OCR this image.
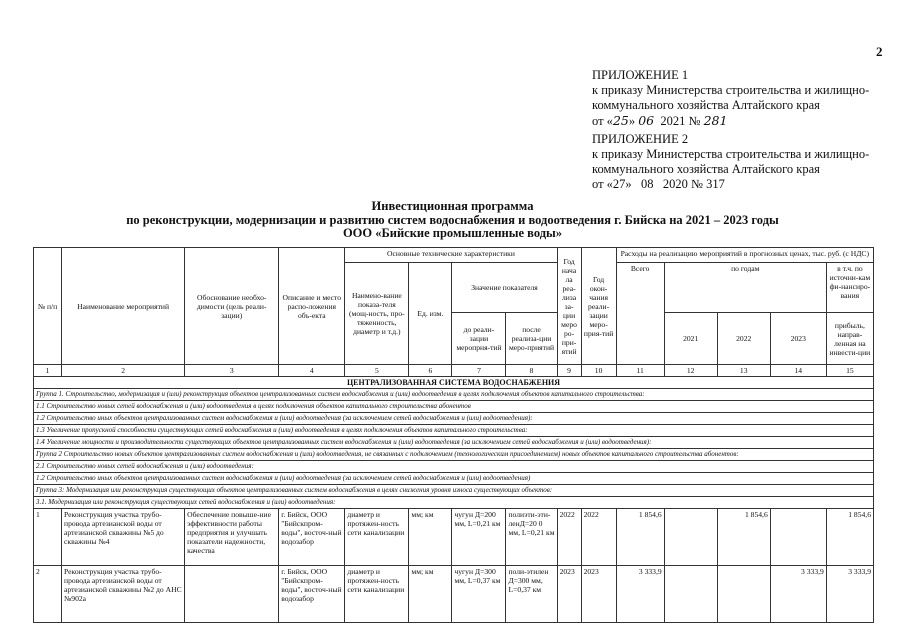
2
ПРИЛОЖЕНИЕ 1
к приказу Министерства строительства и жилищно-
коммунального хозяйства Алтайского края
от «25» 06  2021 № 281
ПРИЛОЖЕНИЕ 2
к приказу Министерства строительства и жилищно-
коммунального хозяйства Алтайского края
от «27»   08   2020 № 317
Инвестиционная программа
по реконструкции, модернизации и развитию систем водоснабжения и водоотведения г. Бийска на 2021 – 2023 годы
ООО «Бийские промышленные воды»
№ п/п	Наименование мероприятий	Обоснование необхо-димости (цель реали-зации)	Описание и место распо-ложения объ-екта	Основные технические характеристики				Год нача ла реа-лиза за-ции меро ро-при-ятий	Год окон-чания реали-зации меро-прия-тий	Расходы на реализацию мероприятий в прогнозных ценах, тыс. руб. (с НДС)				
				Наимено-вание показа-теля (мощ-ность, про-тяженность, диаметр и т.д.)	Ед. изм.	Значение показателя				Всего	по годам			в т.ч. по источни-кам фи-нансиро-вания
						до реали-зации меропрня-тий	после реализа-ции меро-приятий				2021	2022	2023	прибыль, направ-ленная на инвести-ции
1	2	3	4	5	6	7	8	9	10	11	12	13	14	15
ЦЕНТРАЛИЗОВАННАЯ СИСТЕМА ВОДОСНАБЖЕНИЯ														
Группа 1. Строительство, модернизация и (или) реконструкция объектов централизованных систем водоснабжения и (или) водоотведения в целях подключения объектов капитального строительства:														
1.1 Строительство новых сетей водоснабжения и (или) водоотведения в целях подключения объектов капитального строительства абонентов														
1.2 Строительство иных объектов централизованных систем водоснабжения и (или) водоотведения (за исключением сетей водоснабжения и (или) водоотведения):														
1.3 Увеличение пропускной способности существующих сетей водоснабжения и (или) водоотведения в целях подключения объектов капитального строительства:														
1.4 Увеличение мощности и производительности существующих объектов централизованных систем водоснабжения и (или) водоотведения (за исключением сетей водоснабжения и (или) водоотведения):														
Группа 2 Строительство новых объектов централизованных систем водоснабжения и (или) водоотведения, не связанных с подключением (технологическим присоединением) новых объектов капитального строительства абонентов:														
2.1 Строительство новых сетей водоснабжения и (или) водоотведения:														
1.2 Строительство иных объектов централизованных систем водоснабжения и (или) водоотведения (за исключением сетей водоснабжения и (или) водоотведения)														
Группа 3: Модернизация или реконструкция существующих объектов централизованных систем водоснабжения в целях снижения уровня износа существующих объектов:														
3.1. Модернизация или реконструкция существующих сетей водоснабжения и (или) водоотведения:														
1	Реконструкция участка трубо-провода артезианской воды от артезианской скважины №5 до скважины №4	Обеспечение повыше-ние эффективности работы предприятия и улучшать показатели надежности, качества	г. Бийск, ООО "Бийскпром-воды", восточ-ный водозабор	диаметр и протяжен-ность сети канализации	мм; км	чугун Д=200 мм, L=0,21 км	полиэти-эти-ленД=20 0 мм, L=0,21 км	2022	2022	1 854,6		1 854,6		1 854,6
2	Реконструкция участка трубо-провода артезианской воды от артезианской скважины №2 до АНС №902а		г. Бийск, ООО "Бийскпром-воды", восточ-ный водозабор	диаметр и протяжен-ность сети канализации	мм; км	чугун Д=300 мм, L=0,37 км	поли-этилен Д=300 мм, L=0,37 км	2023	2023	3 333,9			3 333,9	3 333,9
